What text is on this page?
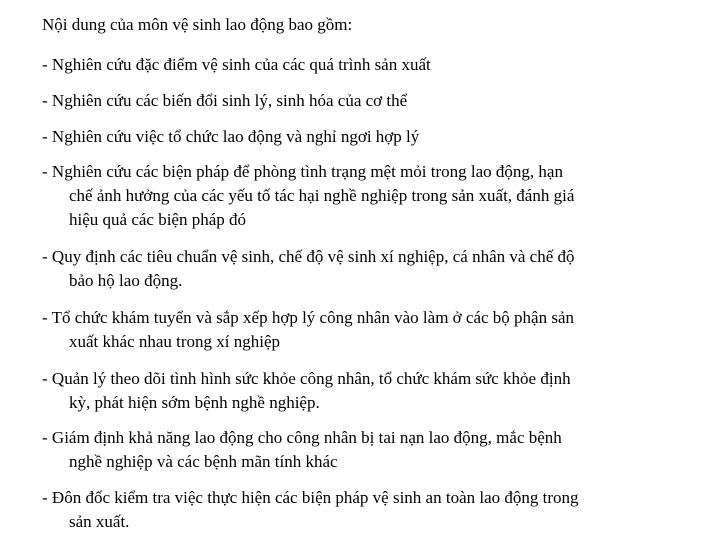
Nội dung của môn vệ sinh lao động bao gồm:
- Nghiên cứu đặc điểm vệ sinh của các quá trình sản xuất
- Nghiên cứu các biến đổi sinh lý, sinh hóa của cơ thể
- Nghiên cứu việc tổ chức lao động và nghỉ ngơi hợp lý
- Nghiên cứu các biện pháp để phòng tình trạng mệt mỏi trong lao động, hạn
chế ảnh hưởng của các yếu tố tác hại nghề nghiệp trong sản xuất, đánh giá
hiệu quả các biện pháp đó
- Quy định các tiêu chuẩn vệ sinh, chế độ vệ sinh xí nghiệp, cá nhân và chế độ
bảo hộ lao động.
- Tổ chức khám tuyển và sắp xếp hợp lý công nhân vào làm ở các bộ phận sản
xuất khác nhau trong xí nghiệp
- Quản lý theo dõi tình hình sức khỏe công nhân, tổ chức khám sức khỏe định
kỳ, phát hiện sớm bệnh nghề nghiệp.
- Giám định khả năng lao động cho công nhân bị tai nạn lao động, mắc bệnh
nghề nghiệp và các bệnh mãn tính khác
- Đôn đốc kiểm tra việc thực hiện các biện pháp vệ sinh an toàn lao động trong
sản xuất.
